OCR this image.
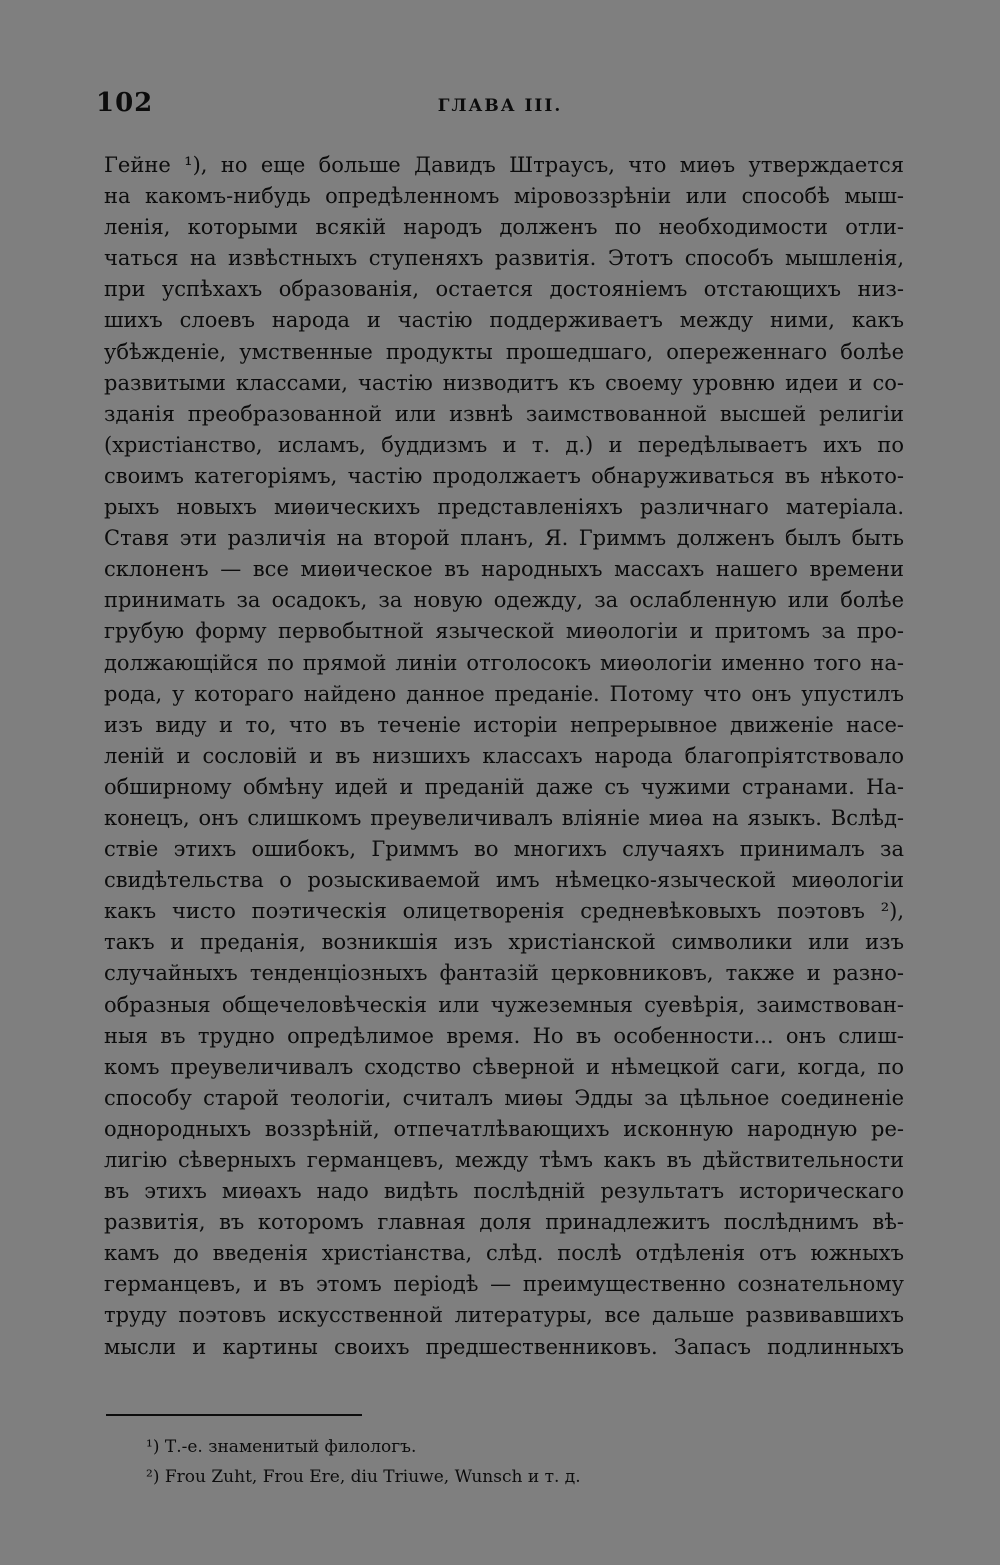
102	ГЛАВА III.
Гейне ¹), но еще больше Давидъ Штраусъ, что миѳъ утверждается
на какомъ-нибудь опредѣленномъ міровоззрѣніи или способѣ мыш-
ленія, которыми всякій народъ долженъ по необходимости отли-
чаться на извѣстныхъ ступеняхъ развитія. Этотъ способъ мышленія,
при успѣхахъ образованія, остается достояніемъ отстающихъ низ-
шихъ слоевъ народа и частію поддерживаетъ между ними, какъ
убѣжденіе, умственные продукты прошедшаго, опереженнаго болѣе
развитыми классами, частію низводитъ къ своему уровню идеи и со-
зданія преобразованной или извнѣ заимствованной высшей религіи
(христіанство, исламъ, буддизмъ и т. д.) и передѣлываетъ ихъ по
своимъ категоріямъ, частію продолжаетъ обнаруживаться въ нѣкото-
рыхъ новыхъ миѳическихъ представленіяхъ различнаго матеріала.
Ставя эти различія на второй планъ, Я. Гриммъ долженъ былъ быть
склоненъ — все миѳическое въ народныхъ массахъ нашего времени
принимать за осадокъ, за новую одежду, за ослабленную или болѣе
грубую форму первобытной языческой миѳологіи и притомъ за про-
должающійся по прямой линіи отголосокъ миѳологіи именно того на-
рода, у котораго найдено данное преданіе. Потому что онъ упустилъ
изъ виду и то, что въ теченіе исторіи непрерывное движеніе насе-
леній и сословій и въ низшихъ классахъ народа благопріятствовало
обширному обмѣну идей и преданій даже съ чужими странами. На-
конецъ, онъ слишкомъ преувеличивалъ вліяніе миѳа на языкъ. Вслѣд-
ствіе этихъ ошибокъ, Гриммъ во многихъ случаяхъ принималъ за
свидѣтельства о розыскиваемой имъ нѣмецко-языческой миѳологіи
какъ чисто поэтическія олицетворенія средневѣковыхъ поэтовъ ²),
такъ и преданія, возникшія изъ христіанской символики или изъ
случайныхъ тенденціозныхъ фантазій церковниковъ, также и разно-
образныя общечеловѣческія или чужеземныя суевѣрія, заимствован-
ныя въ трудно опредѣлимое время. Но въ особенности... онъ слиш-
комъ преувеличивалъ сходство сѣверной и нѣмецкой саги, когда, по
способу старой теологіи, считалъ миѳы Эдды за цѣльное соединеніе
однородныхъ воззрѣній, отпечатлѣвающихъ исконную народную ре-
лигію сѣверныхъ германцевъ, между тѣмъ какъ въ дѣйствительности
въ этихъ миѳахъ надо видѣть послѣдній результатъ историческаго
развитія, въ которомъ главная доля принадлежитъ послѣднимъ вѣ-
камъ до введенія христіанства, слѣд. послѣ отдѣленія отъ южныхъ
германцевъ, и въ этомъ періодѣ — преимущественно сознательному
труду поэтовъ искусственной литературы, все дальше развивавшихъ
мысли и картины своихъ предшественниковъ. Запасъ подлинныхъ
¹) Т.-е. знаменитый филологъ.
²) Frou Zuht, Frou Ere, diu Triuwe, Wunsch и т. д.
